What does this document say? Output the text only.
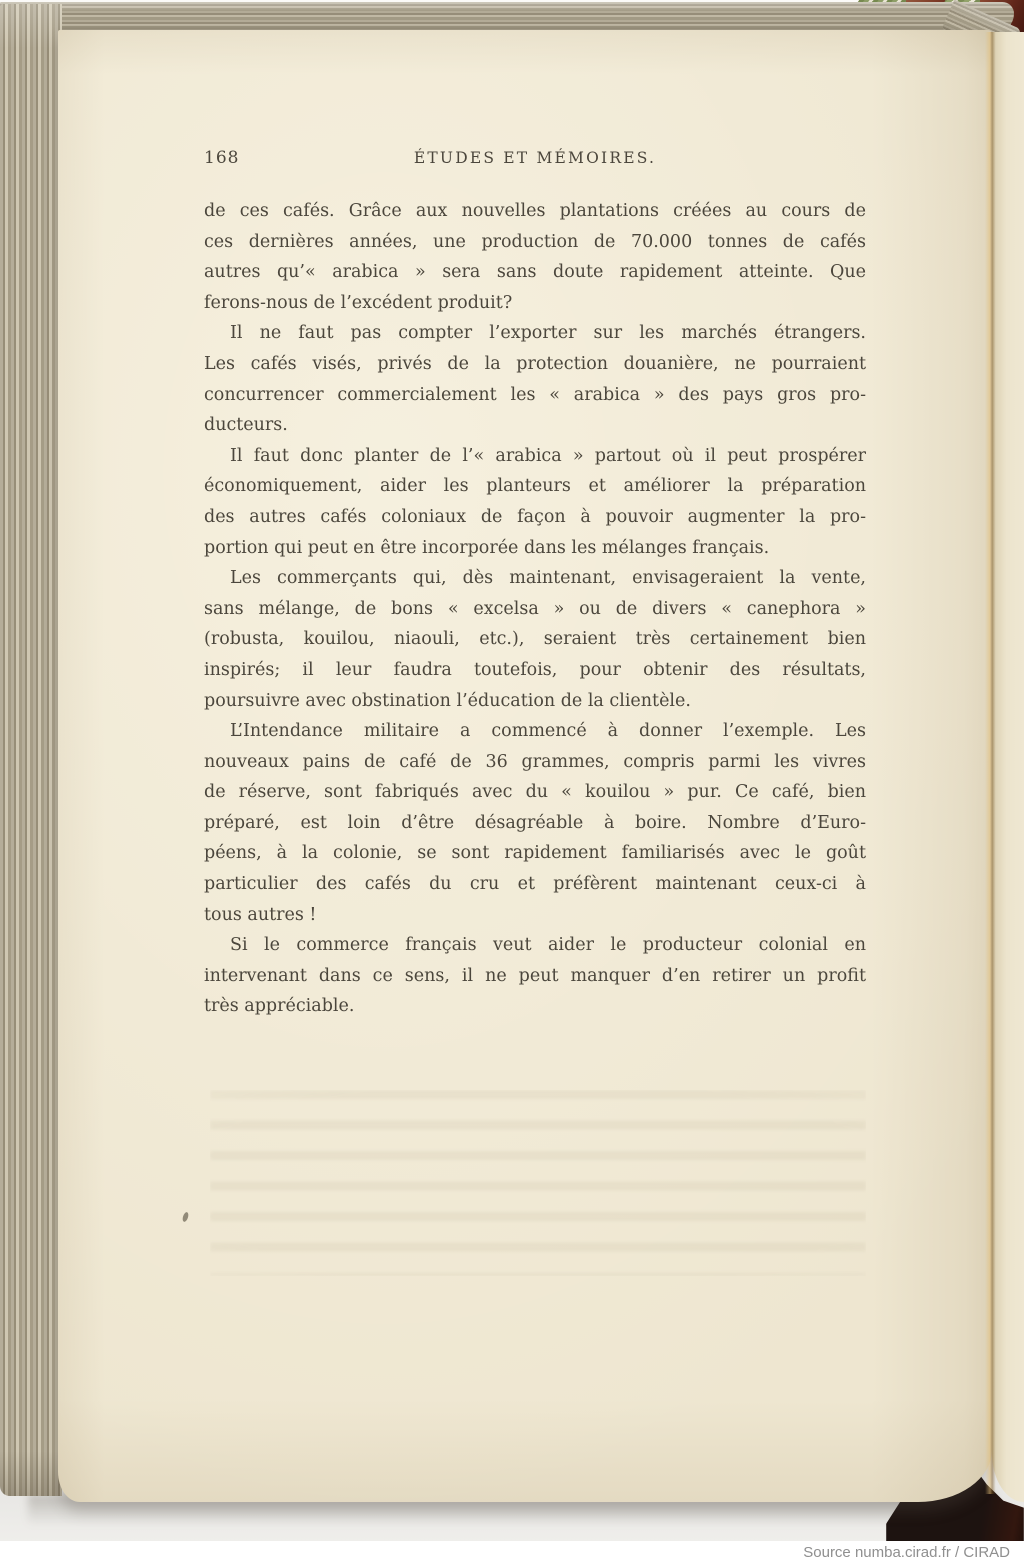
168	ÉTUDES ET MÉMOIRES.
de ces cafés. Grâce aux nouvelles plantations créées au cours de
ces dernières années, une production de 70.000 tonnes de cafés
autres qu’« arabica » sera sans doute rapidement atteinte. Que
ferons-nous de l’excédent produit?
Il ne faut pas compter l’exporter sur les marchés étrangers.
Les cafés visés, privés de la protection douanière, ne pourraient
concurrencer commercialement les « arabica » des pays gros pro-
ducteurs.
Il faut donc planter de l’« arabica » partout où il peut prospérer
économiquement, aider les planteurs et améliorer la préparation
des autres cafés coloniaux de façon à pouvoir augmenter la pro-
portion qui peut en être incorporée dans les mélanges français.
Les commerçants qui, dès maintenant, envisageraient la vente,
sans mélange, de bons « excelsa » ou de divers « canephora »
(robusta, kouilou, niaouli, etc.), seraient très certainement bien
inspirés; il leur faudra toutefois, pour obtenir des résultats,
poursuivre avec obstination l’éducation de la clientèle.
L’Intendance militaire a commencé à donner l’exemple. Les
nouveaux pains de café de 36 grammes, compris parmi les vivres
de réserve, sont fabriqués avec du « kouilou » pur. Ce café, bien
préparé, est loin d’être désagréable à boire. Nombre d’Euro-
péens, à la colonie, se sont rapidement familiarisés avec le goût
particulier des cafés du cru et préfèrent maintenant ceux-ci à
tous autres !
Si le commerce français veut aider le producteur colonial en
intervenant dans ce sens, il ne peut manquer d’en retirer un profit
très appréciable.
Source numba.cirad.fr / CIRAD
